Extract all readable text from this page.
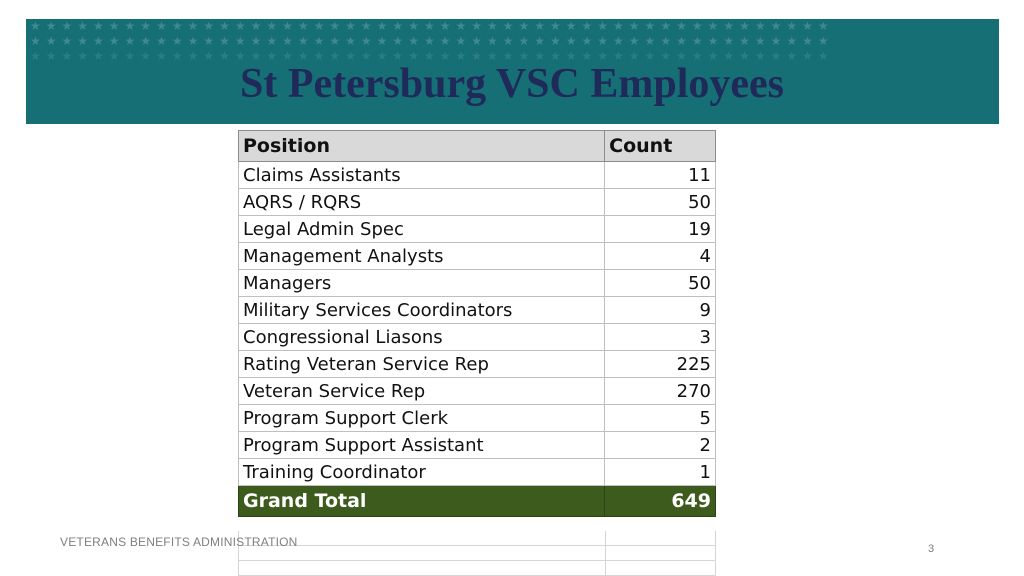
★★★★★★★★★★★★★★★★★★★★★★★★★★★★★★★★★★★★★★★★★★★★★★★★★★★
★★★★★★★★★★★★★★★★★★★★★★★★★★★★★★★★★★★★★★★★★★★★★★★★★★★
★★★★★★★★★★★★★★★★★★★★★★★★★★★★★★★★★★★★★★★★★★★★★★★★★★★
St Petersburg VSC Employees
Position	Count
Claims Assistants	11
AQRS / RQRS	50
Legal Admin Spec	19
Management Analysts	4
Managers	50
Military Services Coordinators	9
Congressional Liasons	3
Rating Veteran Service Rep	225
Veteran Service Rep	270
Program Support Clerk	5
Program Support Assistant	2
Training Coordinator	1
Grand Total	649
VETERANS BENEFITS ADMINISTRATION	3
